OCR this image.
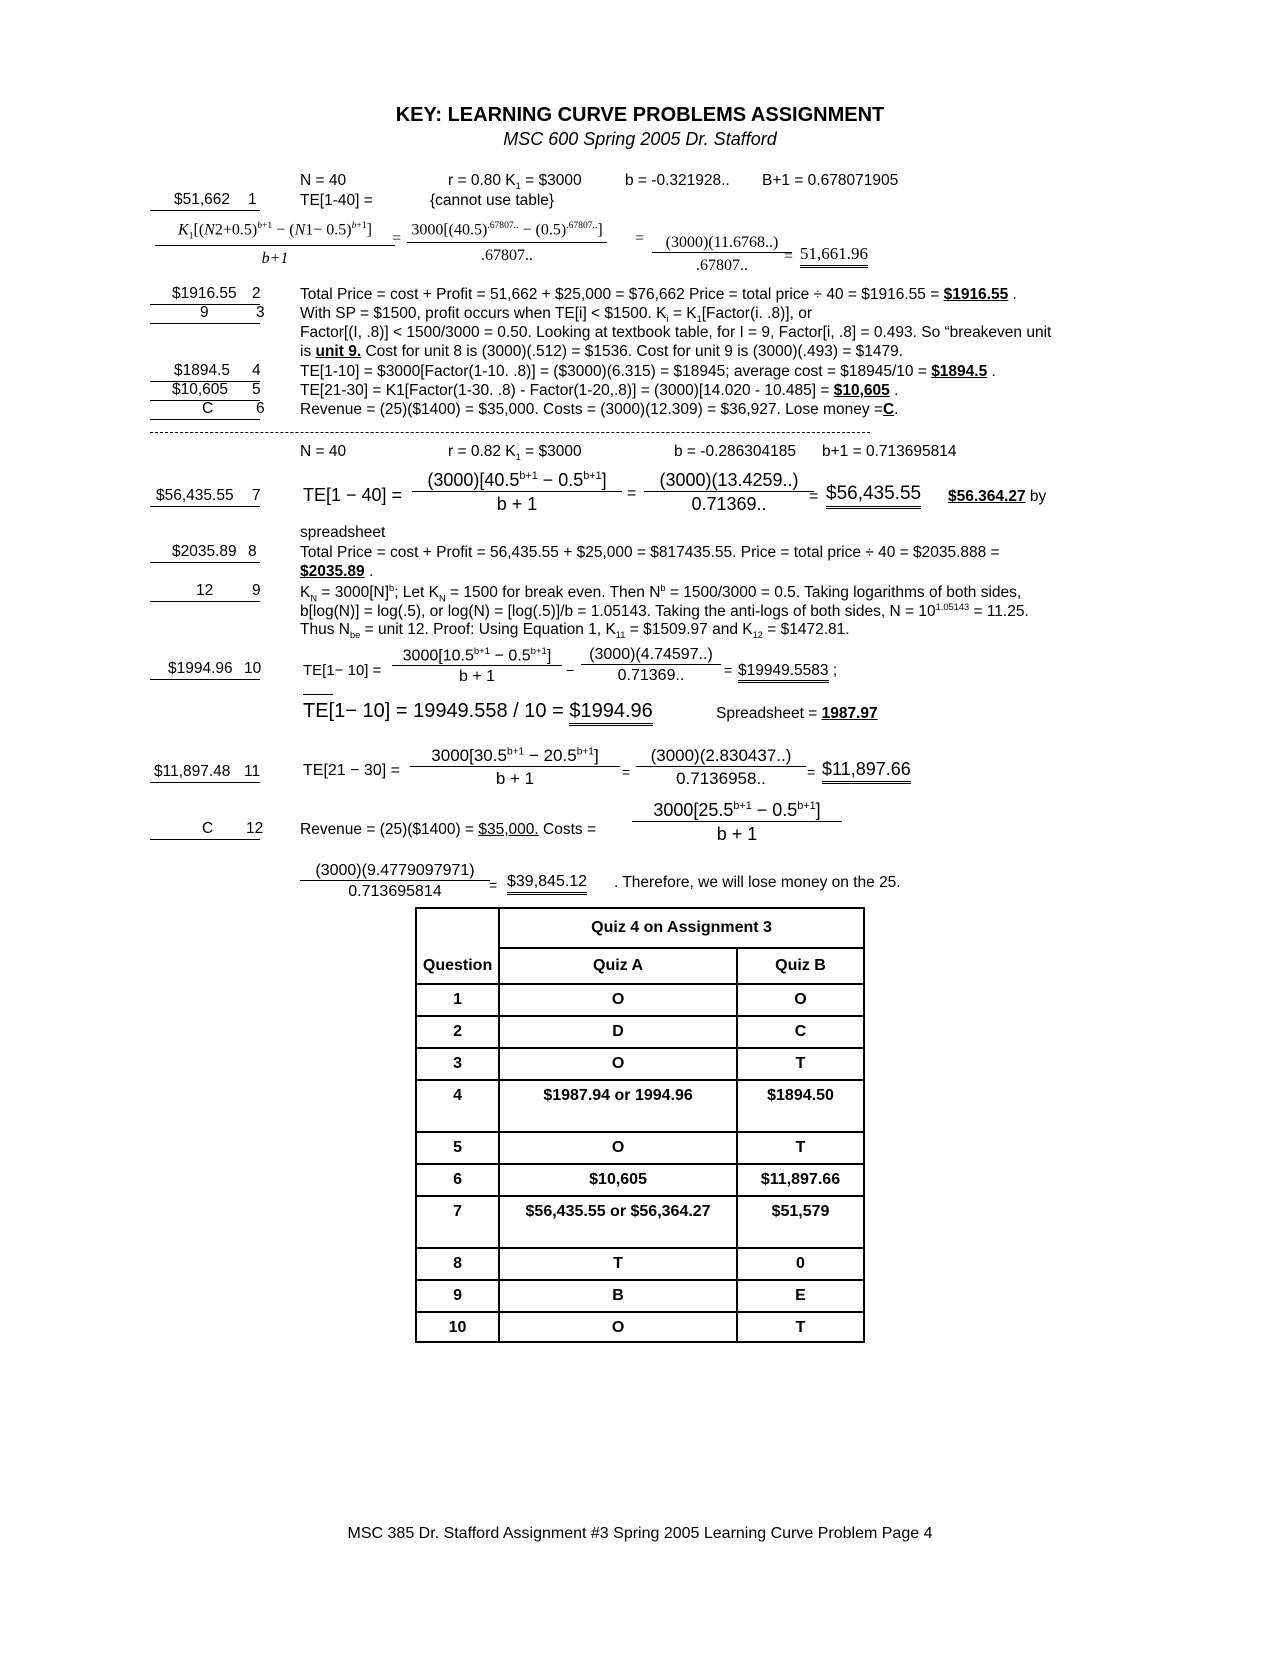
KEY: LEARNING CURVE PROBLEMS ASSIGNMENT
MSC 600 Spring 2005 Dr. Stafford
N = 40	r = 0.80 $K_1$ = $3000	b = -0.321928.. B+1 = 0.678071905
$51,662 1	TE[1-40] =	{cannot use table}
$K_1[(N2+0.5)^{b+1} - (N1- 0.5)^{b+1}]$
b+1
=
$3000[(40.5)^{.67807..} - (0.5)^{.67807..}]$
.67807..
=	(3000)(11.6768..)
.67807..
= 51,661.96
$1916.55 2	Total Price = cost + Profit = 51,662 + $25,000 = $76,662 Price = total price ÷ 40 = $1916.55 = $1916.55 .
9	3 With SP = $1500, profit occurs when TE[i] < $1500. $K_i$ = $K_1[Factor(i$. .8)], or
Factor[(I, .8)] < 1500/3000 = 0.50. Looking at textbook table, for I = 9, Factor[i, .8] = 0.493. So “breakeven unit
is unit 9. Cost for unit 8 is (3000)(.512) = $1536. Cost for unit 9 is (3000)(.493) = $1479.
$1894.5 4	TE[1-10] = $3000[Factor(1-10. .8)] = ($3000)(6.315) = $18945; average cost = $18945/10 = $1894.5 .
$10,605 5	TE[21-30] = K1[Factor(1-30. .8) - Factor(1-20,.8)] = (3000)[14.020 - 10.485] = $10,605 .
C	6 Revenue = (25)($1400) = $35,000. Costs = (3000)(12.309) = $36,927. Lose money =C.
N = 40	r = 0.82 $K_1$ = $3000	b = -0.286304185 b+1 = 0.713695814
$56,435.55 7 TE[1 − 40] =
$(3000)[40.5^{b+1} - 0.5^{b+1}]$
b + 1
=
(3000)(13.4259..)
0.71369..	= $56,435.55 $56.364.27 by
spreadsheet
$2035.89 8	Total Price = cost + Profit = 56,435.55 + $25,000 = $817435.55. Price = total price ÷ 40 = $2035.888 =
$2035.89 .
12	9	$K_N = 3000[N]^b$; Let $K_N = 1500$ for break even. Then $N^b = 1500/3000 = 0.5$. Taking logarithms of both sides,
b[log(N)] = log(.5), or log(N) = [log(.5)]/b = 1.05143. Taking the anti-logs of both sides, $N = 10^{1.05143} = 11.25$.
Thus $N_{be}$ = unit 12. Proof: Using Equation 1, $K_{11}$ = $1509.97 and $K_{12}$ = $1472.81.
$1994.96 10	TE[1− 10] =
$3000[10.5^{b+1} - 0.5^{b+1}]$
b + 1	−
(3000)(4.74597..)
0.71369..	= $19949.5583 ;
TE[1− 10] = 19949.558 / 10 = $1994.96	Spreadsheet = 1987.97
$11,897.48 11	TE[21 − 30] =
$3000[30.5^{b+1} - 20.5^{b+1}]$
b + 1	=
(3000)(2.830437..)
0.7136958..	= $11,897.66
C 12 Revenue = (25)($1400) = $35,000. Costs =
$3000[25.5^{b+1} - 0.5^{b+1}]$
b + 1
(3000)(9.4779097971)
0.713695814	= $39,845.12 . Therefore, we will lose money on the 25.
	Quiz 4 on Assignment 3	
Question	Quiz A	Quiz B
1	O	O
2	D	C
3	O	T
4	$1987.94 or 1994.96	$1894.50
5	O	T
6	$10,605	$11,897.66
7	$56,435.55 or $56,364.27	$51,579
8	T	0
9	B	E
10	O	T
MSC 385 Dr. Stafford Assignment #3 Spring 2005 Learning Curve Problem Page 4
